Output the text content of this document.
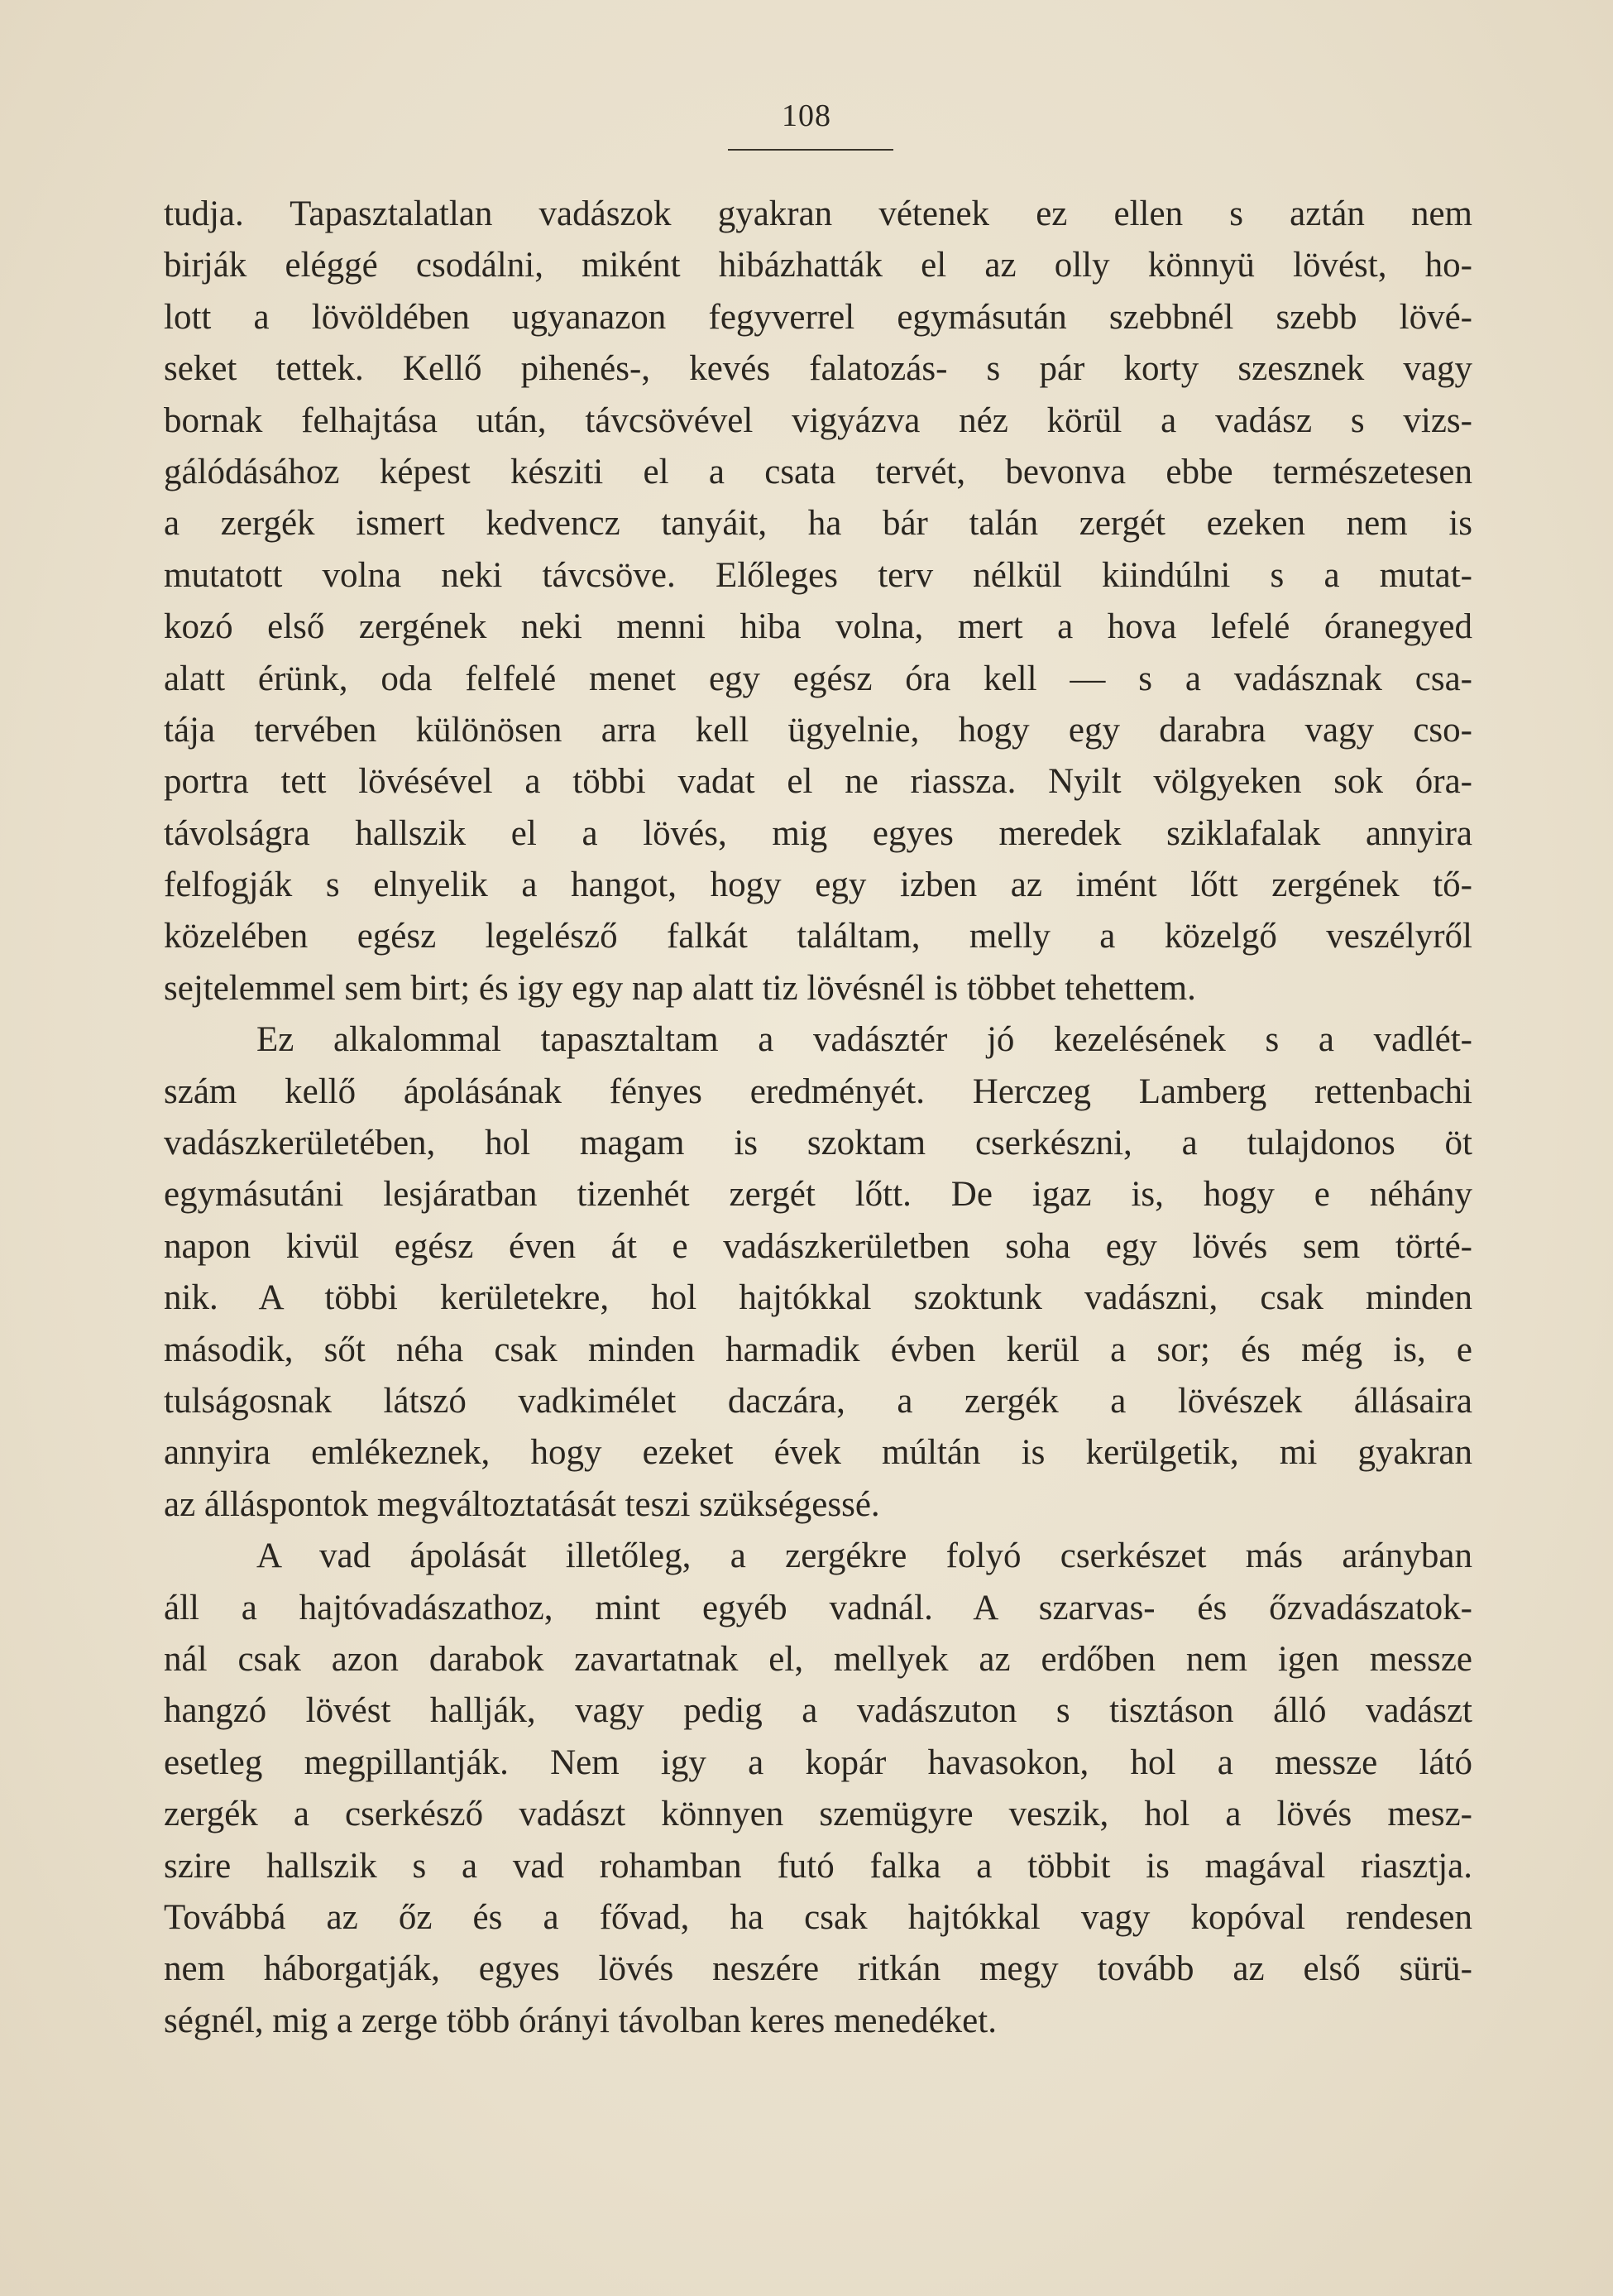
108
tudja. Tapasztalatlan vadászok gyakran vétenek ez ellen s aztán nem
birják eléggé csodálni, miként hibázhatták el az olly könnyü lövést, ho-
lott a lövöldében ugyanazon fegyverrel egymásután szebbnél szebb lövé-
seket tettek. Kellő pihenés-, kevés falatozás- s pár korty szesznek vagy
bornak felhajtása után, távcsövével vigyázva néz körül a vadász s vizs-
gálódásához képest késziti el a csata tervét, bevonva ebbe természetesen
a zergék ismert kedvencz tanyáit, ha bár talán zergét ezeken nem is
mutatott volna neki távcsöve. Előleges terv nélkül kiindúlni s a mutat-
kozó első zergének neki menni hiba volna, mert a hova lefelé óranegyed
alatt érünk, oda felfelé menet egy egész óra kell — s a vadásznak csa-
tája tervében különösen arra kell ügyelnie, hogy egy darabra vagy cso-
portra tett lövésével a többi vadat el ne riassza. Nyilt völgyeken sok óra-
távolságra hallszik el a lövés, mig egyes meredek sziklafalak annyira
felfogják s elnyelik a hangot, hogy egy izben az imént lőtt zergének tő-
közelében egész legelésző falkát találtam, melly a közelgő veszélyről
sejtelemmel sem birt; és igy egy nap alatt tiz lövésnél is többet tehettem.
Ez alkalommal tapasztaltam a vadásztér jó kezelésének s a vadlét-
szám kellő ápolásának fényes eredményét. Herczeg Lamberg rettenbachi
vadászkerületében, hol magam is szoktam cserkészni, a tulajdonos öt
egymásutáni lesjáratban tizenhét zergét lőtt. De igaz is, hogy e néhány
napon kivül egész éven át e vadászkerületben soha egy lövés sem törté-
nik. A többi kerületekre, hol hajtókkal szoktunk vadászni, csak minden
második, sőt néha csak minden harmadik évben kerül a sor; és még is, e
tulságosnak látszó vadkimélet daczára, a zergék a lövészek állásaira
annyira emlékeznek, hogy ezeket évek múltán is kerülgetik, mi gyakran
az álláspontok megváltoztatását teszi szükségessé.
A vad ápolását illetőleg, a zergékre folyó cserkészet más arányban
áll a hajtóvadászathoz, mint egyéb vadnál. A szarvas- és őzvadászatok-
nál csak azon darabok zavartatnak el, mellyek az erdőben nem igen messze
hangzó lövést hallják, vagy pedig a vadászuton s tisztáson álló vadászt
esetleg megpillantják. Nem igy a kopár havasokon, hol a messze látó
zergék a cserkésző vadászt könnyen szemügyre veszik, hol a lövés mesz-
szire hallszik s a vad rohamban futó falka a többit is magával riasztja.
Továbbá az őz és a fővad, ha csak hajtókkal vagy kopóval rendesen
nem háborgatják, egyes lövés neszére ritkán megy tovább az első sürü-
ségnél, mig a zerge több órányi távolban keres menedéket.
